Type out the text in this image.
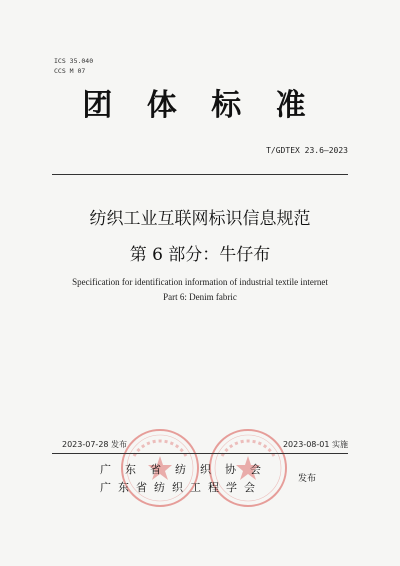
ICS 35.040
CCS M 07
团 体 标 准
T/GDTEX 23.6—2023
纺织工业互联网标识信息规范
第 6 部分：牛仔布
Specification for identification information of industrial textile internet
Part 6: Denim fabric
2023-07-28 发布	2023-08-01 实施
广东省纺织协会
广东省纺织工程学会
发布
